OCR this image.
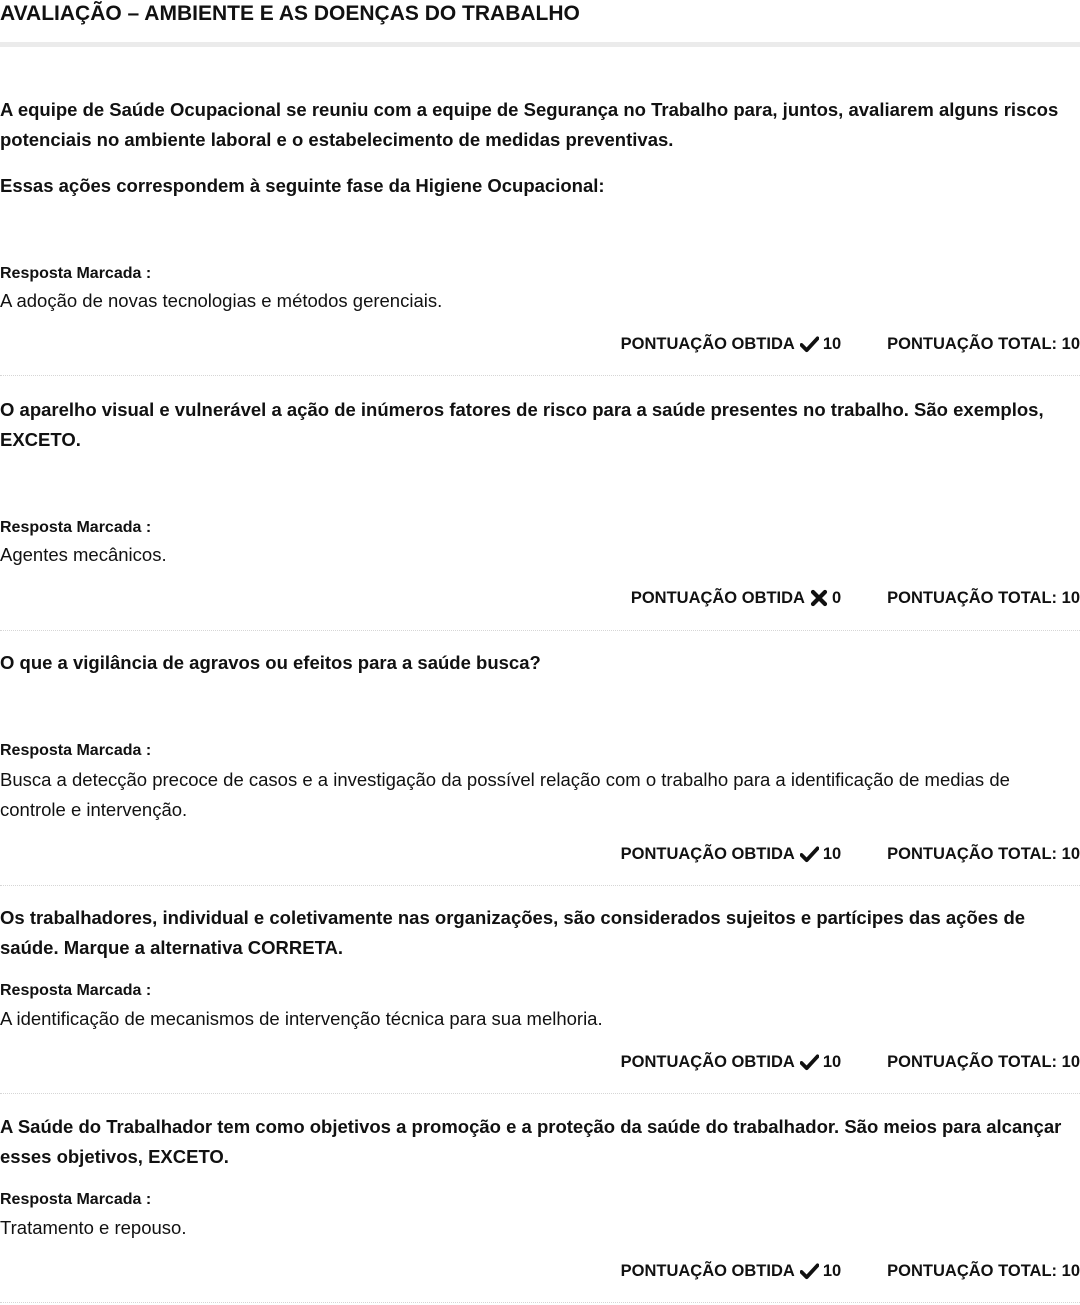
AVALIAÇÃO – AMBIENTE E AS DOENÇAS DO TRABALHO

A equipe de Saúde Ocupacional se reuniu com a equipe de Segurança no Trabalho para, juntos, avaliarem alguns riscos potenciais no ambiente laboral e o estabelecimento de medidas preventivas.

Essas ações correspondem à seguinte fase da Higiene Ocupacional:

Resposta Marcada :
A adoção de novas tecnologias e métodos gerenciais.
PONTUAÇÃO OBTIDA 10	PONTUAÇÃO TOTAL: 10

O aparelho visual e vulnerável a ação de inúmeros fatores de risco para a saúde presentes no trabalho. São exemplos, EXCETO.

Resposta Marcada :
Agentes mecânicos.
PONTUAÇÃO OBTIDA 0	PONTUAÇÃO TOTAL: 10

O que a vigilância de agravos ou efeitos para a saúde busca?

Resposta Marcada :
Busca a detecção precoce de casos e a investigação da possível relação com o trabalho para a identificação de medias de controle e intervenção.
PONTUAÇÃO OBTIDA 10	PONTUAÇÃO TOTAL: 10

Os trabalhadores, individual e coletivamente nas organizações, são considerados sujeitos e partícipes das ações de saúde. Marque a alternativa CORRETA.

Resposta Marcada :
A identificação de mecanismos de intervenção técnica para sua melhoria.
PONTUAÇÃO OBTIDA 10	PONTUAÇÃO TOTAL: 10

A Saúde do Trabalhador tem como objetivos a promoção e a proteção da saúde do trabalhador. São meios para alcançar esses objetivos, EXCETO.

Resposta Marcada :
Tratamento e repouso.
PONTUAÇÃO OBTIDA 10	PONTUAÇÃO TOTAL: 10
